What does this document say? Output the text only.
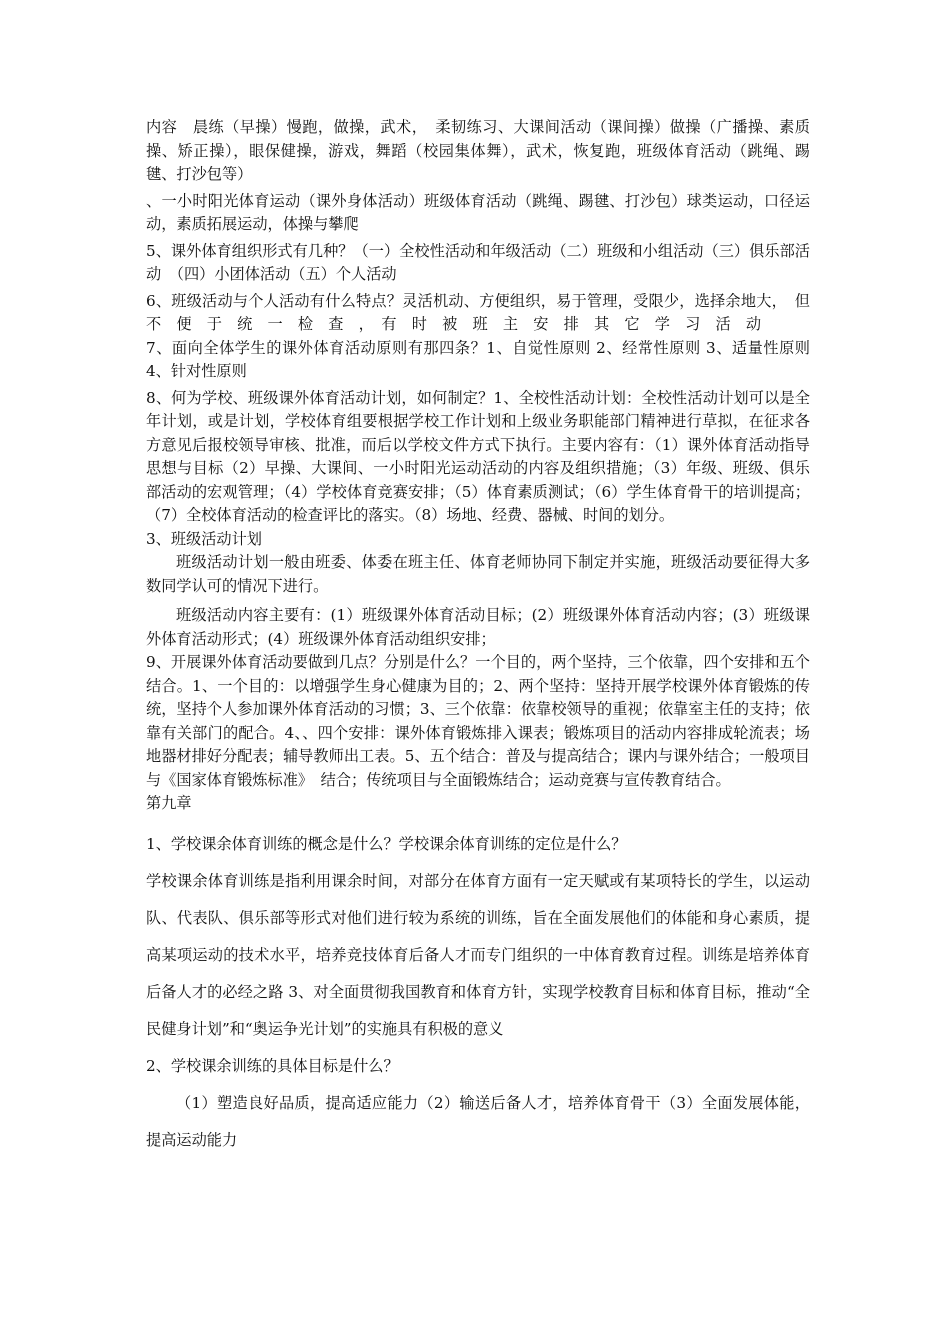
内容　晨练（早操）慢跑，做操，武术，　柔韧练习、大课间活动（课间操）做操（广播操、素质操、矫正操），眼保健操，游戏，舞蹈（校园集体舞），武术，恢复跑，班级体育活动（跳绳、踢毽、打沙包等）

、一小时阳光体育运动（课外身体活动）班级体育活动（跳绳、踢毽、打沙包）球类运动，口径运动，素质拓展运动，体操与攀爬

5、课外体育组织形式有几种？（一）全校性活动和年级活动（二）班级和小组活动（三）俱乐部活动　（四）小团体活动（五）个人活动

6、班级活动与个人活动有什么特点？灵活机动、方便组织，易于管理，受限少，选择余地大，　但　不　便　于　统　一　检　查　，　有　时　被　班　主　安　排　其　它　学　习　活　动

7、面向全体学生的课外体育活动原则有那四条？1、自觉性原则 2、经常性原则 3、适量性原则 4、针对性原则

8、何为学校、班级课外体育活动计划，如何制定？1、全校性活动计划：全校性活动计划可以是全年计划，或是计划，学校体育组要根据学校工作计划和上级业务职能部门精神进行草拟，在征求各方意见后报校领导审核、批准，而后以学校文件方式下执行。主要内容有：（1）课外体育活动指导思想与目标（2）早操、大课间、一小时阳光运动活动的内容及组织措施；（3）年级、班级、俱乐部活动的宏观管理；（4）学校体育竞赛安排；（5）体育素质测试；（6）学生体育骨干的培训提高；（7）全校体育活动的检查评比的落实。（8）场地、经费、器械、时间的划分。

3、班级活动计划

班级活动计划一般由班委、体委在班主任、体育老师协同下制定并实施，班级活动要征得大多数同学认可的情况下进行。

班级活动内容主要有：(1）班级课外体育活动目标；(2）班级课外体育活动内容；(3）班级课外体育活动形式；(4）班级课外体育活动组织安排；

9、开展课外体育活动要做到几点？分别是什么？一个目的，两个坚持，三个依靠，四个安排和五个结合。1、一个目的：以增强学生身心健康为目的；2、两个坚持：坚持开展学校课外体育锻炼的传统，坚持个人参加课外体育活动的习惯；3、三个依靠：依靠校领导的重视；依靠室主任的支持；依靠有关部门的配合。4、、四个安排：课外体育锻炼排入课表；锻炼项目的活动内容排成轮流表；场地器材排好分配表；辅导教师出工表。5、五个结合：普及与提高结合；课内与课外结合；一般项目与《国家体育锻炼标准》　结合；传统项目与全面锻炼结合；运动竞赛与宣传教育结合。

第九章

1、学校课余体育训练的概念是什么？学校课余体育训练的定位是什么？

学校课余体育训练是指利用课余时间，对部分在体育方面有一定天赋或有某项特长的学生，以运动队、代表队、俱乐部等形式对他们进行较为系统的训练，旨在全面发展他们的体能和身心素质，提高某项运动的技术水平，培养竞技体育后备人才而专门组织的一中体育教育过程。训练是培养体育后备人才的必经之路 3、对全面贯彻我国教育和体育方针，实现学校教育目标和体育目标，推动“全民健身计划”和“奥运争光计划”的实施具有积极的意义

2、学校课余训练的具体目标是什么？

（1）塑造良好品质，提高适应能力（2）输送后备人才，培养体育骨干（3）全面发展体能，提高运动能力
